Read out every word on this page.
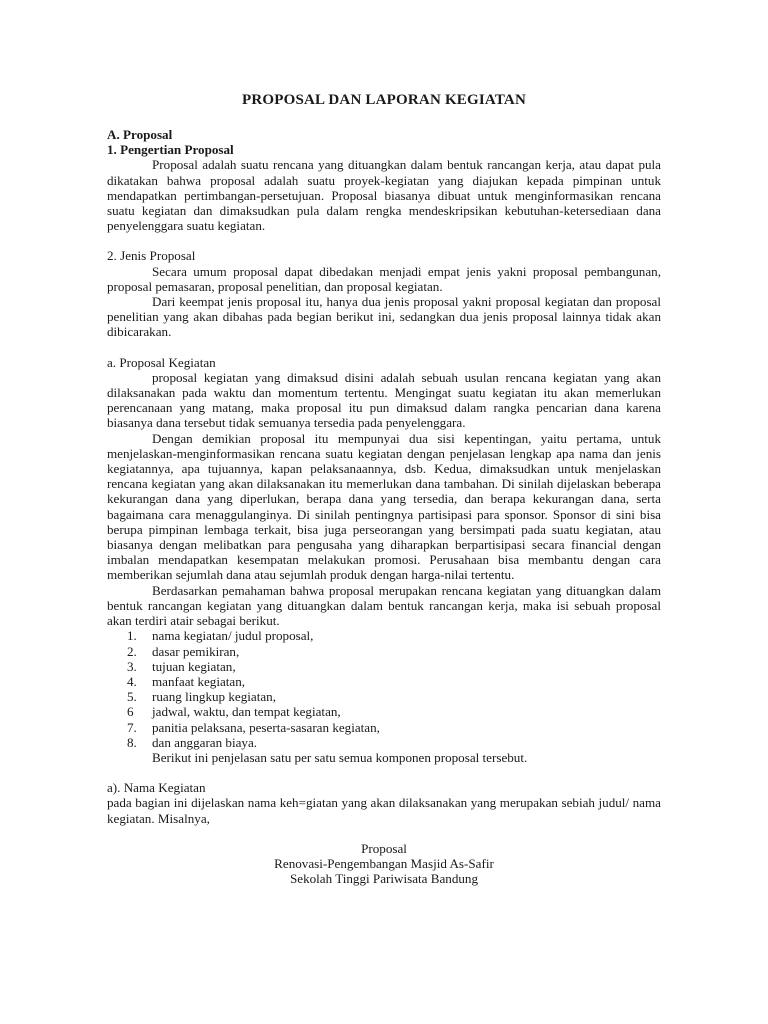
PROPOSAL DAN LAPORAN KEGIATAN
A. Proposal
1. Pengertian Proposal
Proposal adalah suatu rencana yang dituangkan dalam bentuk rancangan kerja, atau dapat pula dikatakan bahwa proposal adalah suatu proyek-kegiatan yang diajukan kepada pimpinan untuk mendapatkan pertimbangan-persetujuan. Proposal biasanya dibuat untuk menginformasikan rencana suatu kegiatan dan dimaksudkan pula dalam rengka mendeskripsikan kebutuhan-ketersediaan dana penyelenggara suatu kegiatan.
2. Jenis Proposal
Secara umum proposal dapat dibedakan menjadi empat jenis yakni proposal pembangunan, proposal pemasaran, proposal penelitian, dan proposal kegiatan.
Dari keempat jenis proposal itu, hanya dua jenis proposal yakni proposal kegiatan dan proposal penelitian yang akan dibahas pada begian berikut ini, sedangkan dua jenis proposal lainnya tidak akan dibicarakan.
a. Proposal Kegiatan
proposal kegiatan yang dimaksud disini adalah sebuah usulan rencana kegiatan yang akan dilaksanakan pada waktu dan momentum tertentu. Mengingat suatu kegiatan itu akan memerlukan perencanaan yang matang, maka proposal itu pun dimaksud dalam rangka pencarian dana karena biasanya dana tersebut tidak semuanya tersedia pada penyelenggara.
Dengan demikian proposal itu mempunyai dua sisi kepentingan, yaitu pertama, untuk menjelaskan-menginformasikan rencana suatu kegiatan dengan penjelasan lengkap apa nama dan jenis kegiatannya, apa tujuannya, kapan pelaksanaannya, dsb. Kedua, dimaksudkan untuk menjelaskan rencana kegiatan yang akan dilaksanakan itu memerlukan dana tambahan. Di sinilah dijelaskan beberapa kekurangan dana yang diperlukan, berapa dana yang tersedia, dan berapa kekurangan dana, serta bagaimana cara menaggulanginya. Di sinilah pentingnya partisipasi para sponsor. Sponsor di sini bisa berupa pimpinan lembaga terkait, bisa juga perseorangan yang bersimpati pada suatu kegiatan, atau biasanya dengan melibatkan para pengusaha yang diharapkan berpartisipasi secara financial dengan imbalan mendapatkan kesempatan melakukan promosi. Perusahaan bisa membantu dengan cara memberikan sejumlah dana atau sejumlah produk dengan harga-nilai tertentu.
Berdasarkan pemahaman bahwa proposal merupakan rencana kegiatan yang dituangkan dalam bentuk rancangan kegiatan yang dituangkan dalam bentuk rancangan kerja, maka isi sebuah proposal akan terdiri atair sebagai berikut.
1.	nama kegiatan/ judul proposal,
2.	dasar pemikiran,
3.	tujuan kegiatan,
4.	manfaat kegiatan,
5.	ruang lingkup kegiatan,
6	jadwal, waktu, dan tempat kegiatan,
7.	panitia pelaksana, peserta-sasaran kegiatan,
8.	dan anggaran biaya.
Berikut ini penjelasan satu per satu semua komponen proposal tersebut.
a). Nama Kegiatan
pada bagian ini dijelaskan nama keh=giatan yang akan dilaksanakan yang merupakan sebiah judul/ nama kegiatan. Misalnya,
Proposal
Renovasi-Pengembangan Masjid As-Safir
Sekolah Tinggi Pariwisata Bandung
